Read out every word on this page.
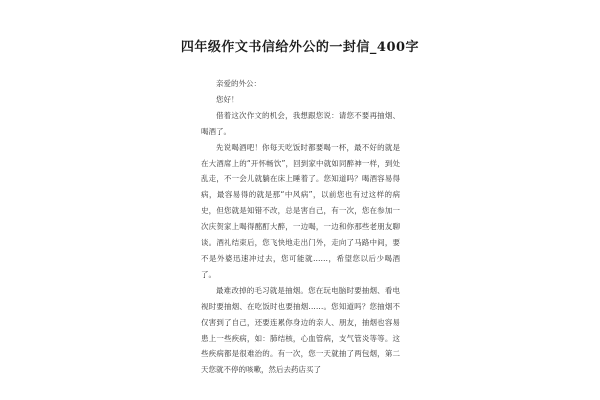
四年级作文书信给外公的一封信_400字

亲爱的外公：

您好！

借着这次作文的机会，我想跟您说：请您不要再抽烟、喝酒了。

先说喝酒吧！你每天吃饭时都要喝一杯，最不好的就是在大酒席上的“开怀畅饮”，回到家中就如同醉神一样，到处乱走，不一会儿就躺在床上睡着了。您知道吗？喝酒容易得病，最容易得的就是那“中风病”，以前您也有过这样的病史，但您就是知错不改，总是害自己，有一次，您在参加一次庆贺家上喝得酩酊大醉，一边喝，一边和你那些老朋友聊谈。酒礼结束后，您飞快地走出门外，走向了马路中间，要不是外婆迅速冲过去，您可能就……，希望您以后少喝酒了。

最难改掉的毛习就是抽烟。您在玩电脑时要抽烟、看电视时要抽烟、在吃饭时也要抽烟……。您知道吗？您抽烟不仅害到了自己，还要连累你身边的亲人、朋友，抽烟也容易患上一些疾病，如：肺结核，心血管病，支气管炎等等。这些疾病都是很难治的。有一次，您一天就抽了两包烟，第二天您就不停的咳嗽，然后去药店买了
